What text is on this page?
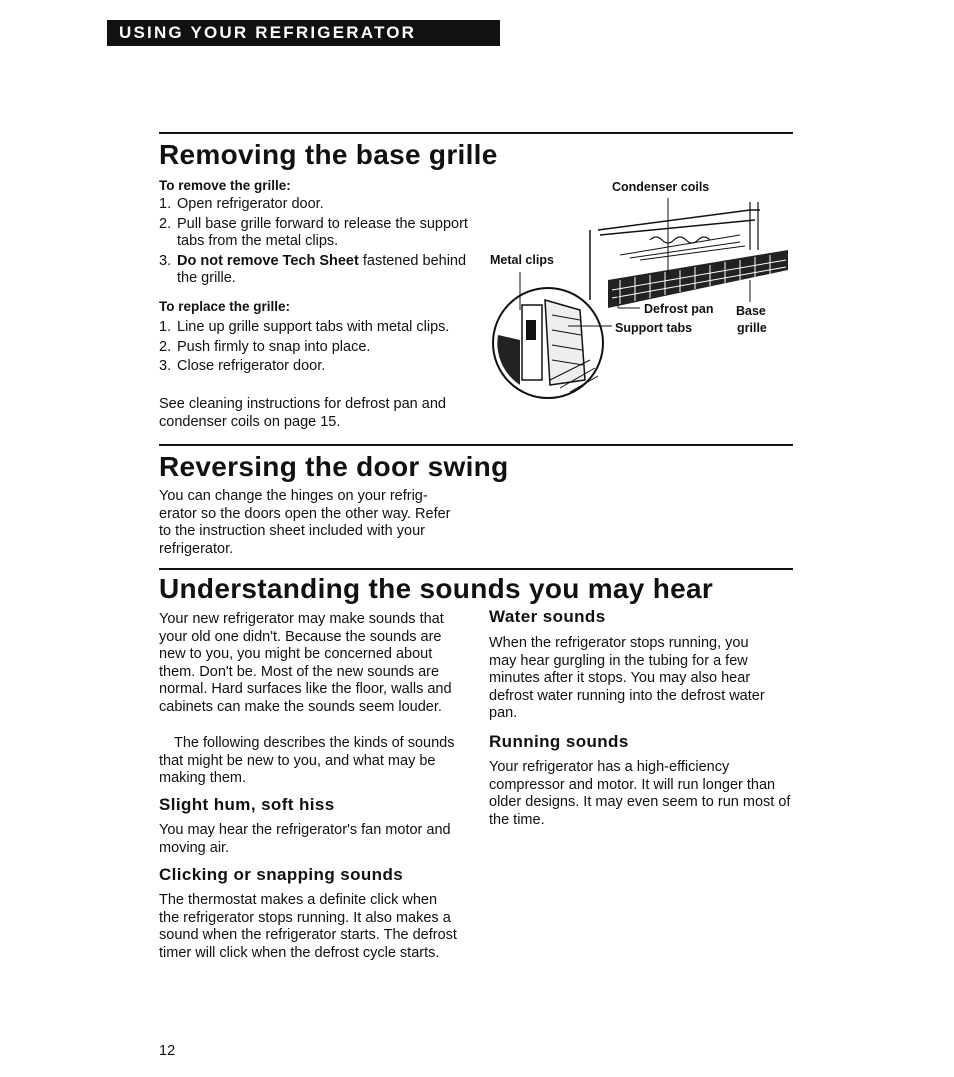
USING YOUR REFRIGERATOR
Removing the base grille
To remove the grille:
1. Open refrigerator door.
2. Pull base grille forward to release the support tabs from the metal clips.
3. Do not remove Tech Sheet fastened behind the grille.
To replace the grille:
1. Line up grille support tabs with metal clips.
2. Push firmly to snap into place.
3. Close refrigerator door.

See cleaning instructions for defrost pan and condenser coils on page 15.

Condenser coils
Metal clips
Defrost pan
Support tabs
Base
grille
Reversing the door swing

You can change the hinges on your refrig-erator so the doors open the other way. Refer to the instruction sheet included with your refrigerator.

Understanding the sounds you may hear

Your new refrigerator may make sounds that your old one didn't. Because the sounds are new to you, you might be concerned about them. Don't be. Most of the new sounds are normal. Hard surfaces like the floor, walls and cabinets can make the sounds seem louder.

The following describes the kinds of sounds that might be new to you, and what may be making them.

Slight hum, soft hiss

You may hear the refrigerator's fan motor and moving air.

Clicking or snapping sounds

The thermostat makes a definite click when the refrigerator stops running. It also makes a sound when the refrigerator starts. The defrost timer will click when the defrost cycle starts.

Water sounds

When the refrigerator stops running, you may hear gurgling in the tubing for a few minutes after it stops. You may also hear defrost water running into the defrost water pan.

Running sounds

Your refrigerator has a high-efficiency compressor and motor. It will run longer than older designs. It may even seem to run most of the time.

12
